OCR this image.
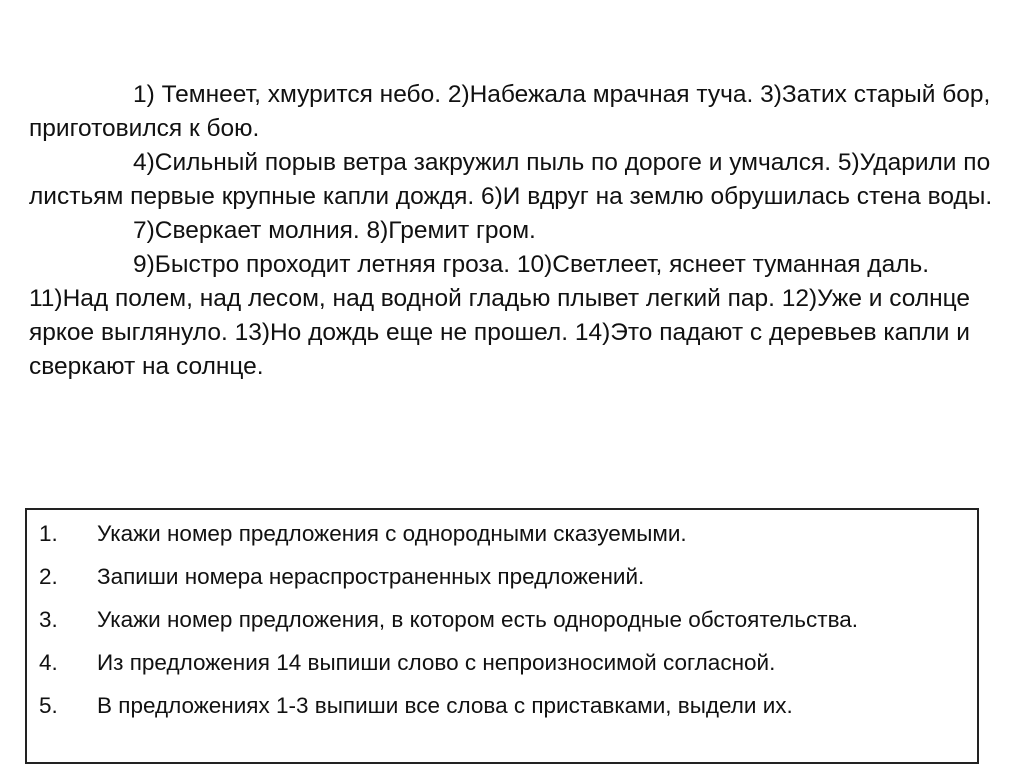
1) Темнеет, хмурится небо. 2)Набежала мрачная туча. 3)Затих старый бор, приготовился к бою.

4)Сильный порыв ветра закружил пыль по дороге и умчался. 5)Ударили по листьям первые крупные капли дождя. 6)И вдруг на землю обрушилась стена воды.

7)Сверкает молния. 8)Гремит гром.

9)Быстро проходит летняя гроза. 10)Светлеет, яснеет туманная даль. 11)Над полем, над лесом, над водной гладью плывет легкий пар. 12)Уже и солнце яркое выглянуло. 13)Но дождь еще не прошел. 14)Это падают с деревьев капли и сверкают на солнце.

1.	Укажи номер предложения с однородными сказуемыми.
2.	Запиши номера нераспространенных предложений.
3.	Укажи номер предложения, в котором есть однородные обстоятельства.
4.	Из предложения 14 выпиши слово с непроизносимой согласной.
5.	В предложениях 1-3 выпиши все слова с приставками, выдели их.
